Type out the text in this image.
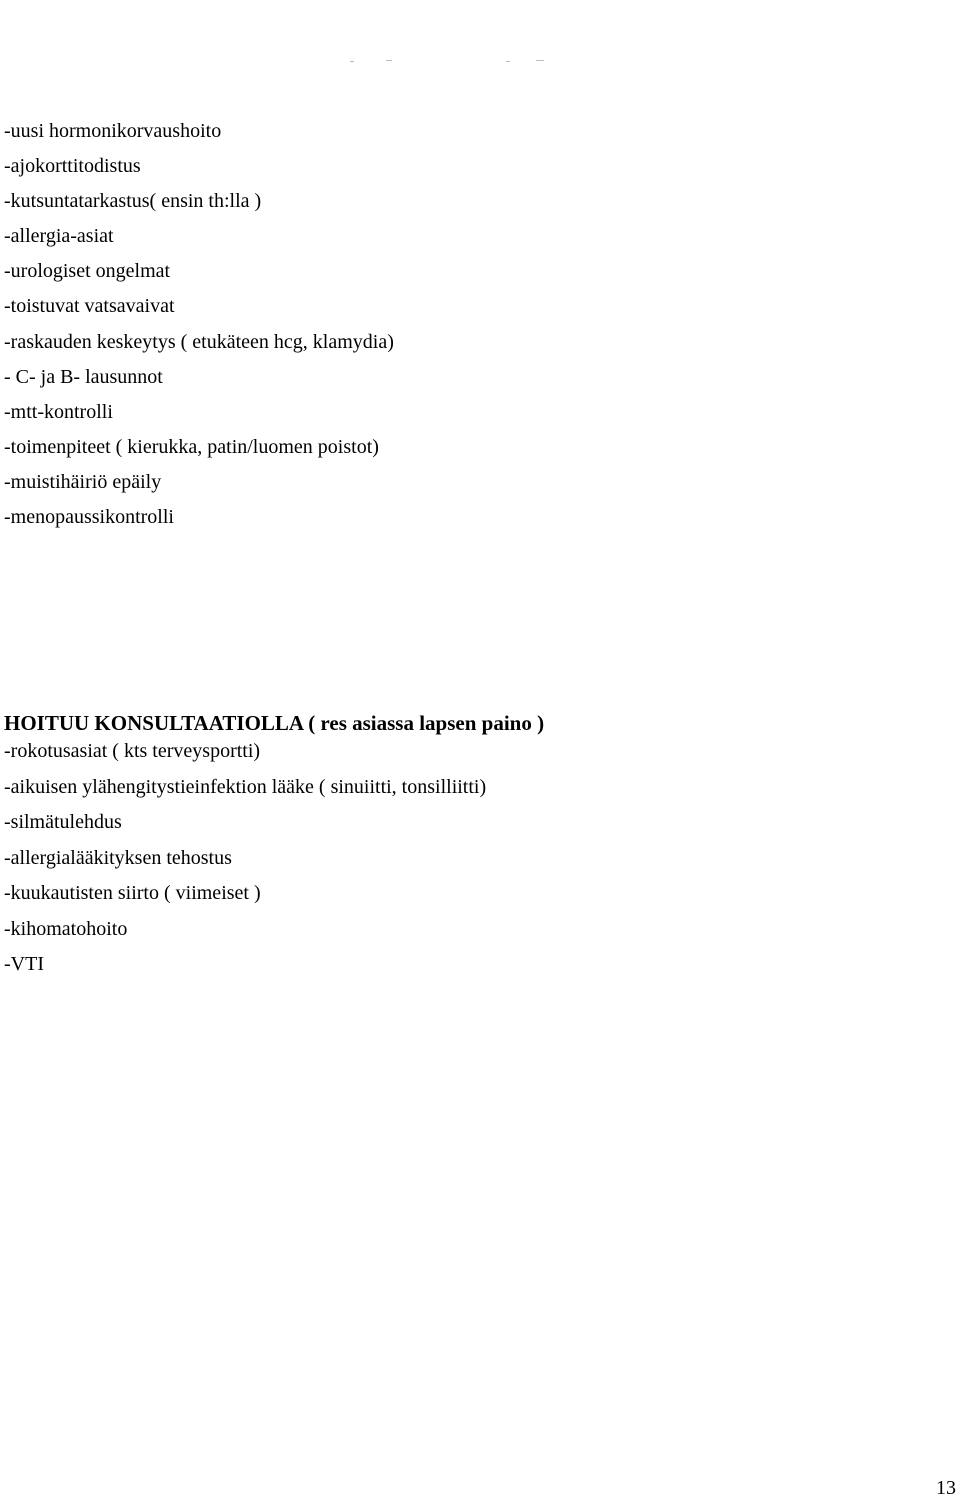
-uusi hormonikorvaushoito
-ajokorttitodistus
-kutsuntatarkastus( ensin th:lla )
-allergia-asiat
-urologiset ongelmat
-toistuvat vatsavaivat
-raskauden keskeytys ( etukäteen hcg, klamydia)
- C- ja B- lausunnot
-mtt-kontrolli
-toimenpiteet ( kierukka, patin/luomen poistot)
-muistihäiriö epäily
-menopaussikontrolli
HOITUU KONSULTAATIOLLA ( res asiassa lapsen paino )
-rokotusasiat ( kts terveysportti)
-aikuisen ylähengitystieinfektion lääke ( sinuiitti, tonsilliitti)
-silmätulehdus
-allergialääkityksen tehostus
-kuukautisten siirto ( viimeiset )
-kihomatohoito
-VTI
13
